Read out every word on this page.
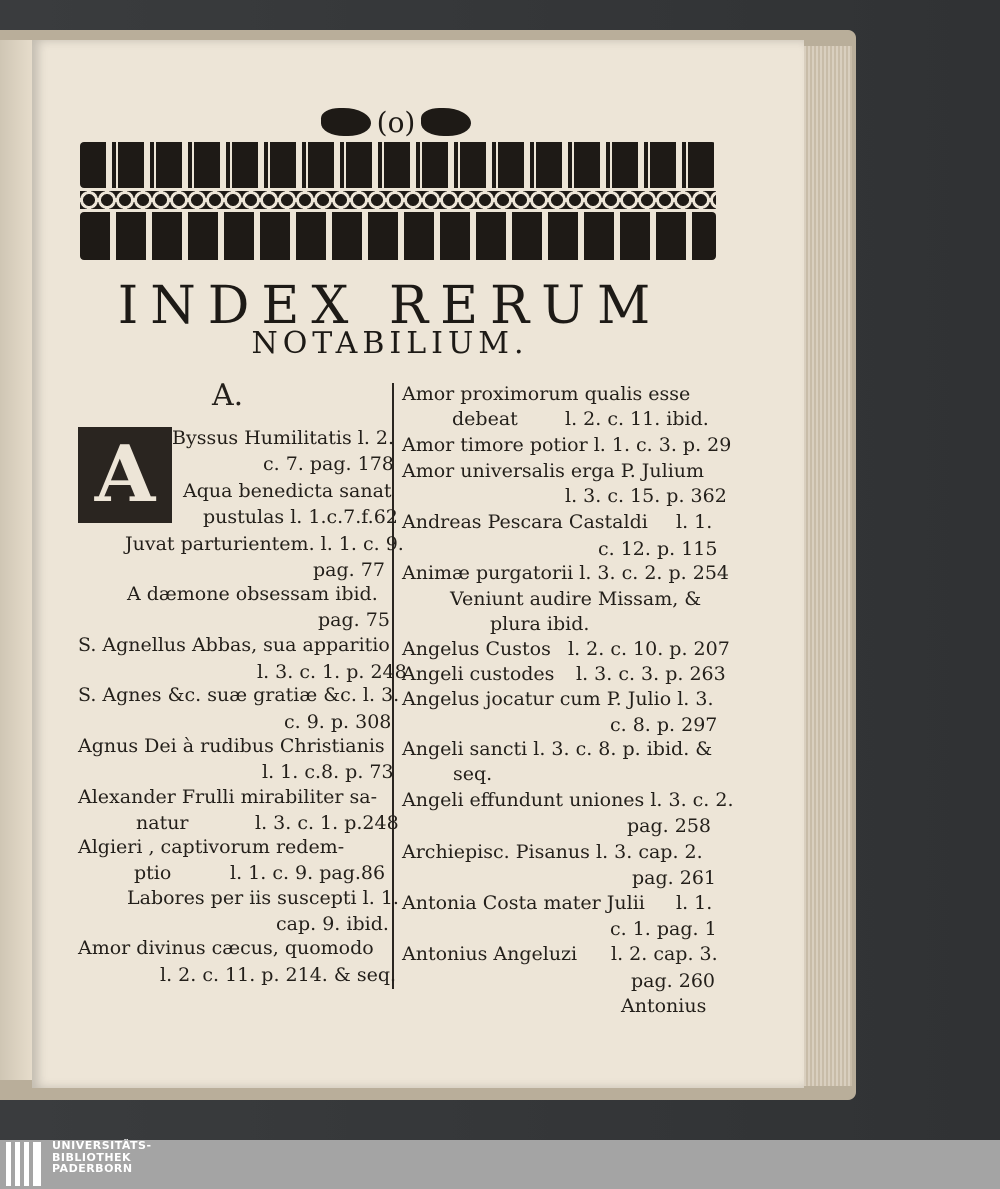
(o)
INDEX RERUM
NOTABILIUM.
A.
A Byssus Humilitatis l. 2.
c. 7. pag. 178
Aqua benedicta sanat
pustulas l. 1.c.7.f.62
Juvat parturientem. l. 1. c. 9.
pag. 77
A dæmone obsessam ibid.
pag. 75
S. Agnellus Abbas, sua apparitio
l. 3. c. 1. p. 248
S. Agnes &c. suæ gratiæ &c. l. 3.
c. 9. p. 308
Agnus Dei à rudibus Christianis
l. 1. c.8. p. 73
Alexander Frulli mirabiliter sa-
natur	l. 3. c. 1. p.248
Algieri , captivorum redem-
ptio	l. 1. c. 9. pag.86
Labores per iis suscepti l. 1.
cap. 9. ibid.
Amor divinus cæcus, quomodo
l. 2. c. 11. p. 214. & seq.
Amor proximorum qualis esse
debeat l. 2. c. 11. ibid.
Amor timore potior l. 1. c. 3. p. 29
Amor universalis erga P. Julium
l. 3. c. 15. p. 362
Andreas Pescara Castaldi l. 1.
c. 12. p. 115
Animæ purgatorii l. 3. c. 2. p. 254
Veniunt audire Missam, &
plura ibid.
Angelus Custos l. 2. c. 10. p. 207
Angeli custodes l. 3. c. 3. p. 263
Angelus jocatur cum P. Julio l. 3.
c. 8. p. 297
Angeli sancti l. 3. c. 8. p. ibid. &
seq.
Angeli effundunt uniones l. 3. c. 2.
pag. 258
Archiepisc. Pisanus l. 3. cap. 2.
pag. 261
Antonia Costa mater Julii l. 1.
c. 1. pag. 1
Antonius Angeluzi l. 2. cap. 3.
pag. 260
Antonius
UNIVERSITÄTS-
BIBLIOTHEK
PADERBORN
